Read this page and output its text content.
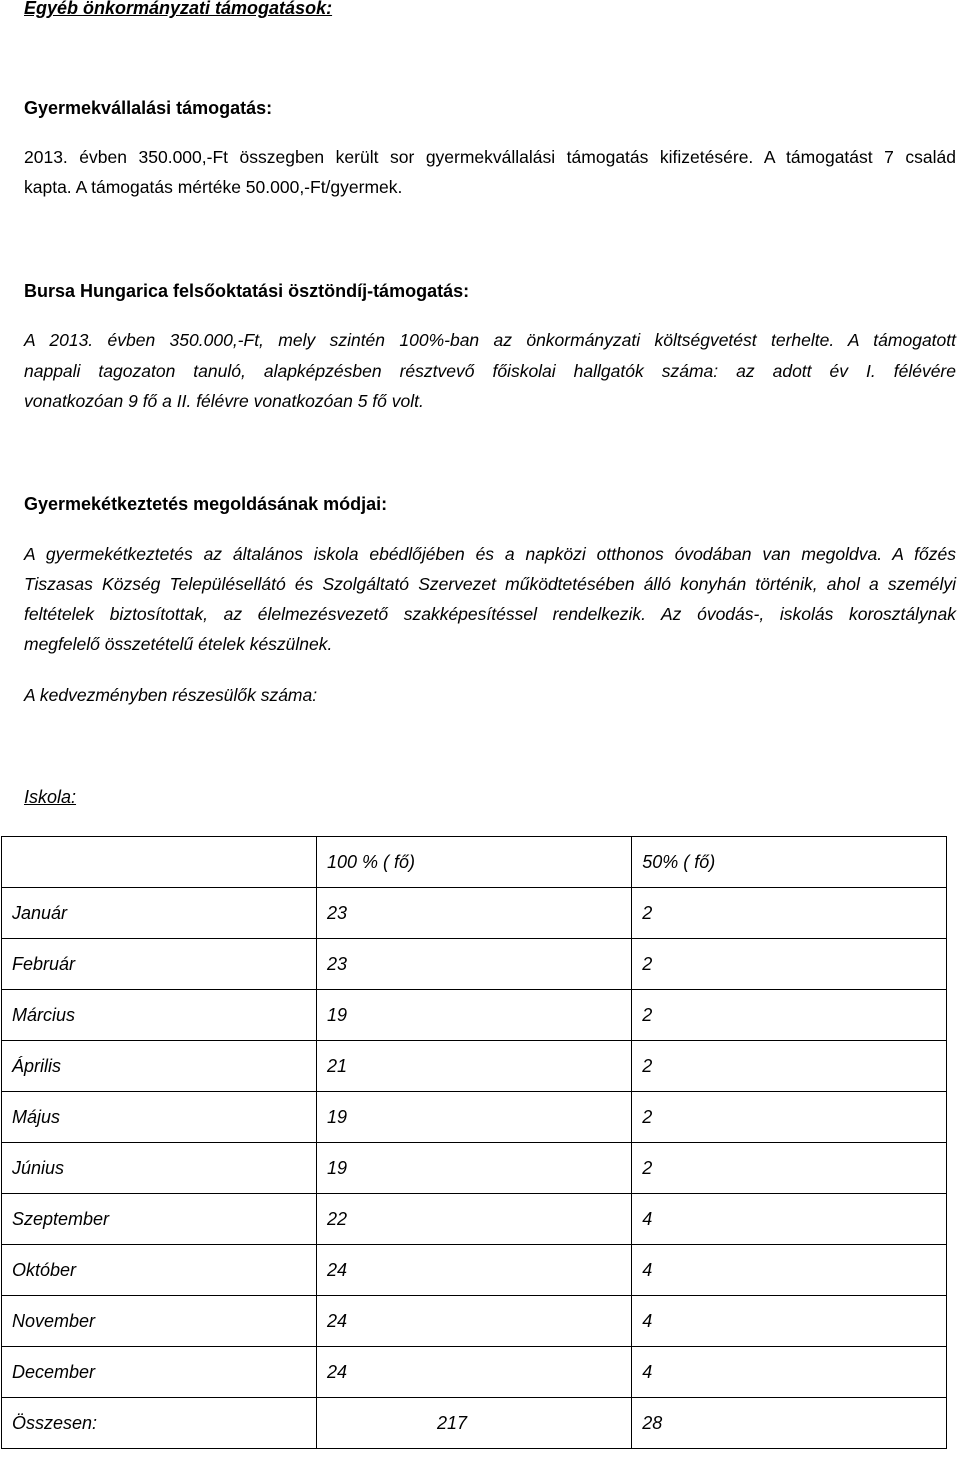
Egyéb önkormányzati támogatások:
Gyermekvállalási támogatás:
2013. évben 350.000,-Ft összegben került sor gyermekvállalási támogatás kifizetésére. A támogatást 7 család
kapta. A támogatás mértéke 50.000,-Ft/gyermek.
Bursa Hungarica felsőoktatási ösztöndíj-támogatás:
A 2013. évben 350.000,-Ft, mely szintén 100%-ban az önkormányzati költségvetést terhelte. A támogatott
nappali tagozaton tanuló, alapképzésben résztvevő főiskolai hallgatók száma: az adott év I. félévére
vonatkozóan 9 fő a II. félévre vonatkozóan 5 fő volt.
Gyermekétkeztetés megoldásának módjai:
A gyermekétkeztetés az általános iskola ebédlőjében és a napközi otthonos óvodában van megoldva. A főzés
Tiszasas Község Településellátó és Szolgáltató Szervezet működtetésében álló konyhán történik, ahol a személyi
feltételek biztosítottak, az élelmezésvezető szakképesítéssel rendelkezik. Az óvodás-, iskolás korosztálynak
megfelelő összetételű ételek készülnek.
A kedvezményben részesülők száma:
Iskola:
	100 % ( fő)	50% ( fő)
Január	23	2
Február	23	2
Március	19	2
Április	21	2
Május	19	2
Június	19	2
Szeptember	22	4
Október	24	4
November	24	4
December	24	4
Összesen:	217	28
